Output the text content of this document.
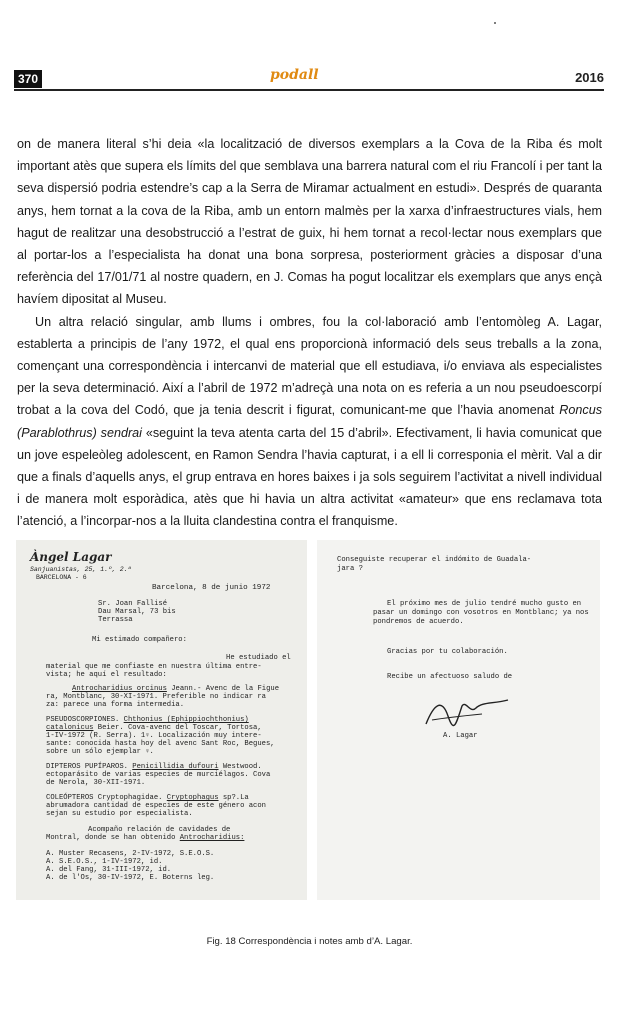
370	podall	2016

on de manera literal s’hi deia «la localització de diversos exemplars a la Cova de la Riba és molt important atès que supera els límits del que semblava una barrera natural com el riu Francolí i per tant la seva dispersió podria estendre’s cap a la Serra de Miramar actualment en estudi». Després de quaranta anys, hem tornat a la cova de la Riba, amb un entorn malmès per la xarxa d’infraestructures vials, hem hagut de realitzar una desobstrucció a l’estrat de guix, hi hem tornat a recol·lectar nous exemplars que al portar-los a l’especialista ha donat una bona sorpresa, posteriorment gràcies a disposar d’una referència del 17/01/71 al nostre quadern, en J. Comas ha pogut localitzar els exemplars que anys ençà havíem dipositat al Museu.

Un altra relació singular, amb llums i ombres, fou la col·laboració amb l’entomòleg A. Lagar, establerta a principis de l’any 1972, el qual ens proporcionà informació dels seus treballs a la zona, començant una correspondència i intercanvi de material que ell estudiava, i/o enviava als especialistes per la seva determinació. Així a l’abril de 1972 m’adreçà una nota on es referia a un nou pseudoescorpí trobat a la cova del Codó, que ja tenia descrit i figurat, comunicant-me que l’havia anomenat Roncus (Parablothrus) sendrai «seguint la teva atenta carta del 15 d’abril». Efectivament, li havia comunicat que un jove espeleòleg adolescent, en Ramon Sendra l’havia capturat, i a ell li corresponia el mèrit. Val a dir que a finals d’aquells anys, el grup entrava en hores baixes i ja sols seguirem l’activitat a nivell individual i de manera molt esporàdica, atès que hi havia un altra activitat «amateur» que ens reclamava tota l’atenció, a l’incorpar-nos a la lluita clandestina contra el franquisme.

Àngel Lagar
Sanjuanistas, 25, 1.º, 2.ª
BARCELONA - 6
Barcelona, 8 de junio 1972
Sr. Joan Fallisé
Dau Marsal, 73 bis
Terrassa
Mi estimado compañero:
He estudiado el
material que me confiaste en nuestra última entre-
vista; he aquí el resultado:
Antrocharidius orcinus Jeann.- Avenc de la Figue
ra, Montblanc, 30-XI-1971. Preferible no indicar ra
za: parece una forma intermedia.
PSEUDOSCORPIONES. Chthonius (Ephippiochthonius)
catalonicus Beier. Cova-avenc del Toscar, Tortosa,
1-IV-1972 (R. Serra). 1♀. Localización muy intere-
sante: conocida hasta hoy del avenc Sant Roc, Begues,
sobre un sólo ejemplar ♀.
DIPTEROS PUPÍPAROS. Penicillidia dufouri Westwood.
ectoparásito de varias especies de murciélagos. Cova
de Nerola, 30-XII-1971.
COLEÓPTEROS Cryptophagidae. Cryptophagus sp?.La
abrumadora cantidad de especies de este género acon
sejan su estudio por especialista.
Acompaño relación de cavidades de
Montral, donde se han obtenido Antrocharidius:
A. Muster Recasens, 2-IV-1972, S.E.O.S.
A. S.E.O.S., 1-IV-1972, id.
A. del Fang, 31-III-1972, id.
A. de l'Os, 30-IV-1972, E. Boterns leg.
Conseguiste recuperar el indómito de Guadala-
jara ?
El próximo mes de julio tendré mucho gusto en
pasar un domingo con vosotros en Montblanc; ya nos
pondremos de acuerdo.
Gracias por tu colaboración.
Recibe un afectuoso saludo de
A. Lagar
Fig. 18 Correspondència i notes amb d’A. Lagar.
